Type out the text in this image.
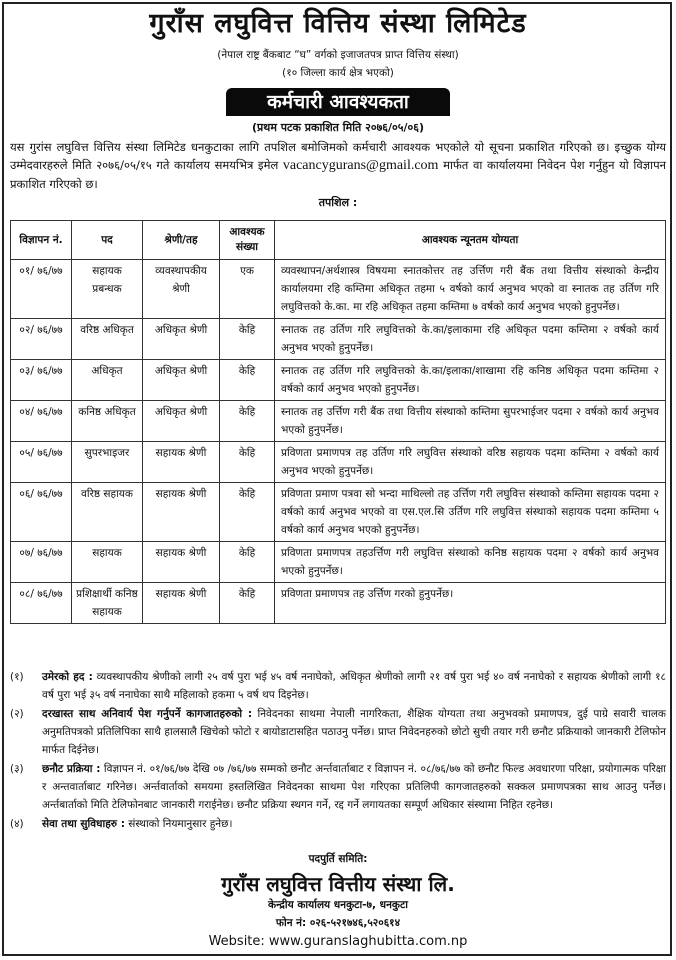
गुराँस लघुवित्त वित्तिय संस्था लिमिटेड
(नेपाल राष्ट्र बैंकबाट “घ” वर्गको इजाजतपत्र प्राप्त वित्तिय संस्था)
(१० जिल्ला कार्य क्षेत्र भएको)
कर्मचारी आवश्यकता
(प्रथम पटक प्रकाशित मिति २०७६/०५/०६)
यस गुरांस लघुवित्त वित्तिय संस्था लिमिटेड धनकुटाका लागि तपशिल बमोजिमको कर्मचारी आवश्यक भएकोले यो सूचना प्रकाशित गरिएको छ। इच्छुक योग्य उम्मेदवारहरुले मिति २०७६/०५/१५ गते कार्यालय समयभित्र इमेल vacancygurans@gmail.com मार्फत वा कार्यालयमा निवेदन पेश गर्नुहुन यो विज्ञापन प्रकाशित गरिएको छ।
तपशिल :
विज्ञापन नं.	पद	श्रेणी/तह	आवश्यक संख्या	आवश्यक न्यूनतम योग्यता
०१/ ७६/७७	सहायक प्रबन्धक	व्यवस्थापकीय श्रेणी	एक	व्यवस्थापन/अर्थशास्त्र विषयमा स्नातकोत्तर तह उर्त्तिण गरी बैंक तथा वित्तीय संस्थाको केन्द्रीय कार्यालयमा रहि कम्तिमा अधिकृत तहमा ५ वर्षको कार्य अनुभव भएको वा स्नातक तह उर्तिण गरि लघुवित्तको के.का. मा रहि अधिकृत तहमा कम्तिमा ७ वर्षको कार्य अनुभव भएको हुनुपर्नेछ।
०२/ ७६/७७	वरिष्ठ अधिकृत	अधिकृत श्रेणी	केहि	स्नातक तह उर्तिण गरि लघुवित्तको के.का/इलाकामा रहि अधिकृत पदमा कम्तिमा २ वर्षको कार्य अनुभव भएको हुनुपर्नेछ।
०३/ ७६/७७	अधिकृत	अधिकृत श्रेणी	केहि	स्नातक तह उर्तिण गरि लघुवित्तको के.का/इलाका/शाखामा रहि कनिष्ठ अधिकृत पदमा कम्तिमा २ वर्षको कार्य अनुभव भएको हुनुपर्नेछ।
०४/ ७६/७७	कनिष्ठ अधिकृत	अधिकृत श्रेणी	केहि	स्नातक तह उर्त्तिण गरी बैंक तथा वित्तीय संस्थाको कम्तिमा सुपरभाईजर पदमा २ वर्षको कार्य अनुभव भएको हुनुपर्नेछ।
०५/ ७६/७७	सुपरभाइजर	सहायक श्रेणी	केहि	प्रविणता प्रमाणपत्र तह उर्तिण गरि लघुवित्त संस्थाको वरिष्ठ सहायक पदमा कम्तिमा २ वर्षको कार्य अनुभव भएको हुनुपर्नेछ।
०६/ ७६/७७	वरिष्ठ सहायक	सहायक श्रेणी	केहि	प्रविणता प्रमाण पत्रवा सो भन्दा माथिल्लो तह उर्त्तिण गरी लघुवित्त संस्थाको कम्तिमा सहायक पदमा २ वर्षको कार्य अनुभव भएको वा एस.एल.सि उर्तिण गरि लघुवित्त संस्थाको सहायक पदमा कम्तिमा ५ वर्षको कार्य अनुभव भएको हुनुपर्नेछ।
०७/ ७६/७७	सहायक	सहायक श्रेणी	केहि	प्रविणता प्रमाणपत्र तहउर्त्तिण गरी लघुवित्त संस्थाको कनिष्ठ सहायक पदमा २ वर्षको कार्य अनुभव भएको हुनुपर्नेछ।
०८/ ७६/७७	प्रशिक्षार्थी कनिष्ठ सहायक	सहायक श्रेणी	केहि	प्रविणता प्रमाणपत्र तह उर्त्तिण गरको हुनुपर्नेछ।
(१)	उमेरको हद : व्यवस्थापकीय श्रेणीको लागी २५ वर्ष पुरा भई ४५ वर्ष ननाघेको, अधिकृत श्रेणीको लागी २१ वर्ष पुरा भई ४० वर्ष ननाघेको र सहायक श्रेणीको लागी १८ वर्ष पुरा भई ३५ वर्ष ननाघेका साथै महिलाको हकमा ५ वर्ष थप दिइनेछ।
(२)	दरखास्त साथ अनिवार्य पेश गर्नुपर्ने कागजातहरुको : निवेदनका साथमा नेपाली नागरिकता, शैक्षिक योग्यता तथा अनुभवको प्रमाणपत्र, दुई पाग्रे सवारी चालक अनुमतिपत्रको प्रतिलिपिका साथै हालसालै खिचेको फोटो र बायोडाटासहित पठाउनु पर्नेछ। प्राप्त निवेदनहरुको छोटो सुची तयार गरी छनौट प्रक्रियाको जानकारी टेलिफोन मार्फत दिईनेछ।
(३)	छनौट प्रक्रिया : विज्ञापन नं. ०१/७६/७७ देखि ०७ /७६/७७ सम्मको छनौट अर्न्तवार्ताबाट र विज्ञापन नं. ०८/७६/७७ को छनौट फिल्ड अवधारणा परिक्षा, प्रयोगात्मक परिक्षा र अन्तवार्ताबाट गरिनेछ। अर्न्तवार्ताको समयमा हस्तलिखित निवेदनका साथमा पेश गरिएका प्रतिलिपी कागजातहरुको सक्कल प्रमाणपत्रका साथ आउनु पर्नेछ। अर्न्तबार्ताको मिति टेलिफोनबाट जानकारी गराईनेछ। छनौट प्रक्रिया स्थगन गर्ने, रद्द गर्ने लगायतका सम्पूर्ण अधिकार संस्थामा निहित रहनेछ।
(४)	सेवा तथा सुविधाहरु : संस्थाको नियमानुसार हुनेछ।
पदपुर्ति समिति:
गुराँस लघुवित्त वित्तीय संस्था लि.
केन्द्रीय कार्यालय धनकुटा-७, धनकुटा
फोन नं: ०२६-५२१७४६,५२०६१४
Website: www.guranslaghubitta.com.np
